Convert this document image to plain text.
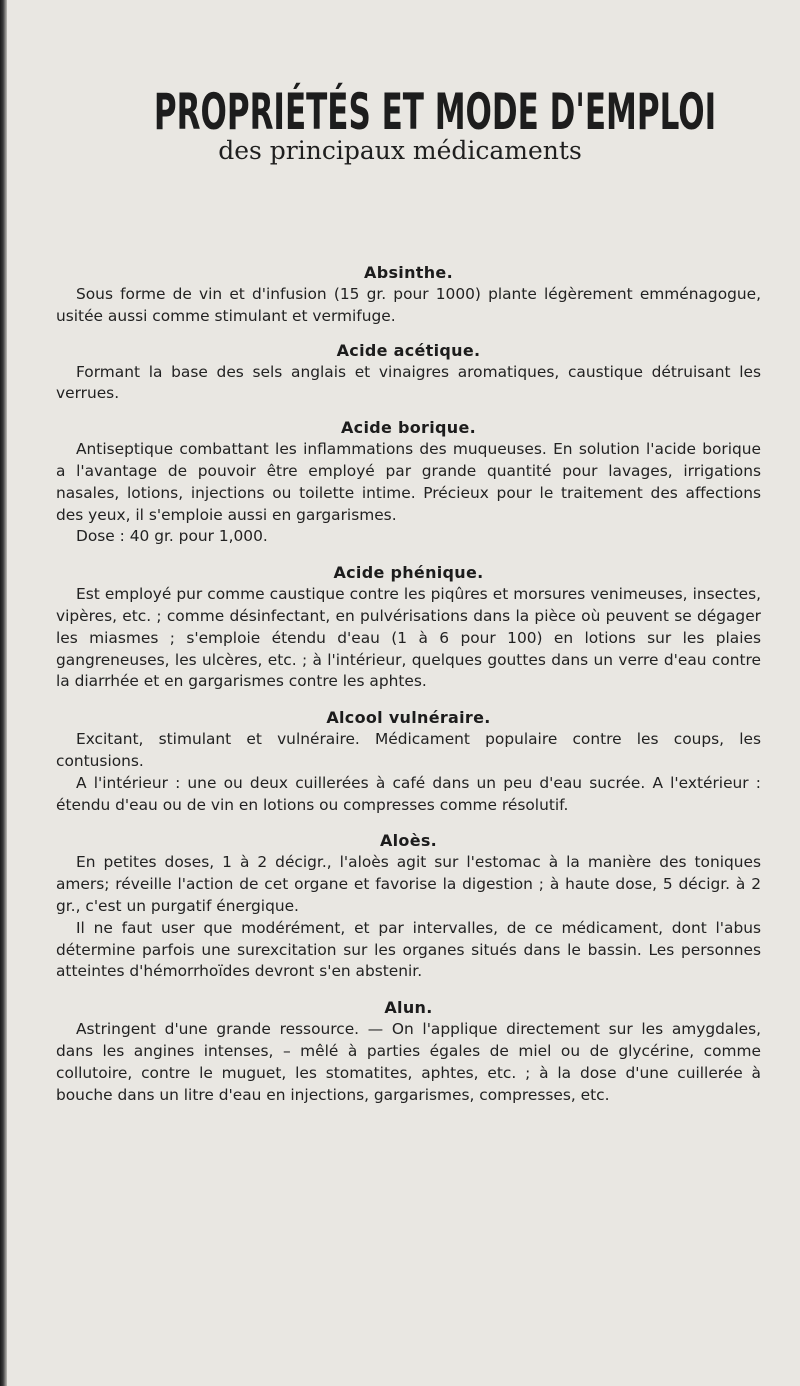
PROPRIÉTÉS ET MODE D'EMPLOI
des principaux médicaments
Absinthe.

Sous forme de vin et d'infusion (15 gr. pour 1000) plante légèrement emménagogue, usitée aussi comme stimulant et vermifuge.

Acide acétique.

Formant la base des sels anglais et vinaigres aromatiques, caustique détruisant les verrues.

Acide borique.

Antiseptique combattant les inflammations des muqueuses. En solution l'acide borique a l'avantage de pouvoir être employé par grande quantité pour lavages, irrigations nasales, lotions, injections ou toilette intime. Précieux pour le traitement des affections des yeux, il s'emploie aussi en gargarismes.

Dose : 40 gr. pour 1,000.

Acide phénique.

Est employé pur comme caustique contre les piqûres et morsures venimeuses, insectes, vipères, etc. ; comme désinfectant, en pulvérisations dans la pièce où peuvent se dégager les miasmes ; s'emploie étendu d'eau (1 à 6 pour 100) en lotions sur les plaies gangreneuses, les ulcères, etc. ; à l'intérieur, quelques gouttes dans un verre d'eau contre la diarrhée et en gargarismes contre les aphtes.

Alcool vulnéraire.

Excitant, stimulant et vulnéraire. Médicament populaire contre les coups, les contusions.

A l'intérieur : une ou deux cuillerées à café dans un peu d'eau sucrée. A l'extérieur : étendu d'eau ou de vin en lotions ou compresses comme résolutif.

Aloès.

En petites doses, 1 à 2 décigr., l'aloès agit sur l'estomac à la manière des toniques amers; réveille l'action de cet organe et favorise la digestion ; à haute dose, 5 décigr. à 2 gr., c'est un purgatif énergique.

Il ne faut user que modérément, et par intervalles, de ce médicament, dont l'abus détermine parfois une surexcitation sur les organes situés dans le bassin. Les personnes atteintes d'hémorrhoïdes devront s'en abstenir.

Alun.

Astringent d'une grande ressource. — On l'applique directement sur les amygdales, dans les angines intenses, – mêlé à parties égales de miel ou de glycérine, comme collutoire, contre le muguet, les stomatites, aphtes, etc. ; à la dose d'une cuillerée à bouche dans un litre d'eau en injections, gargarismes, compresses, etc.
